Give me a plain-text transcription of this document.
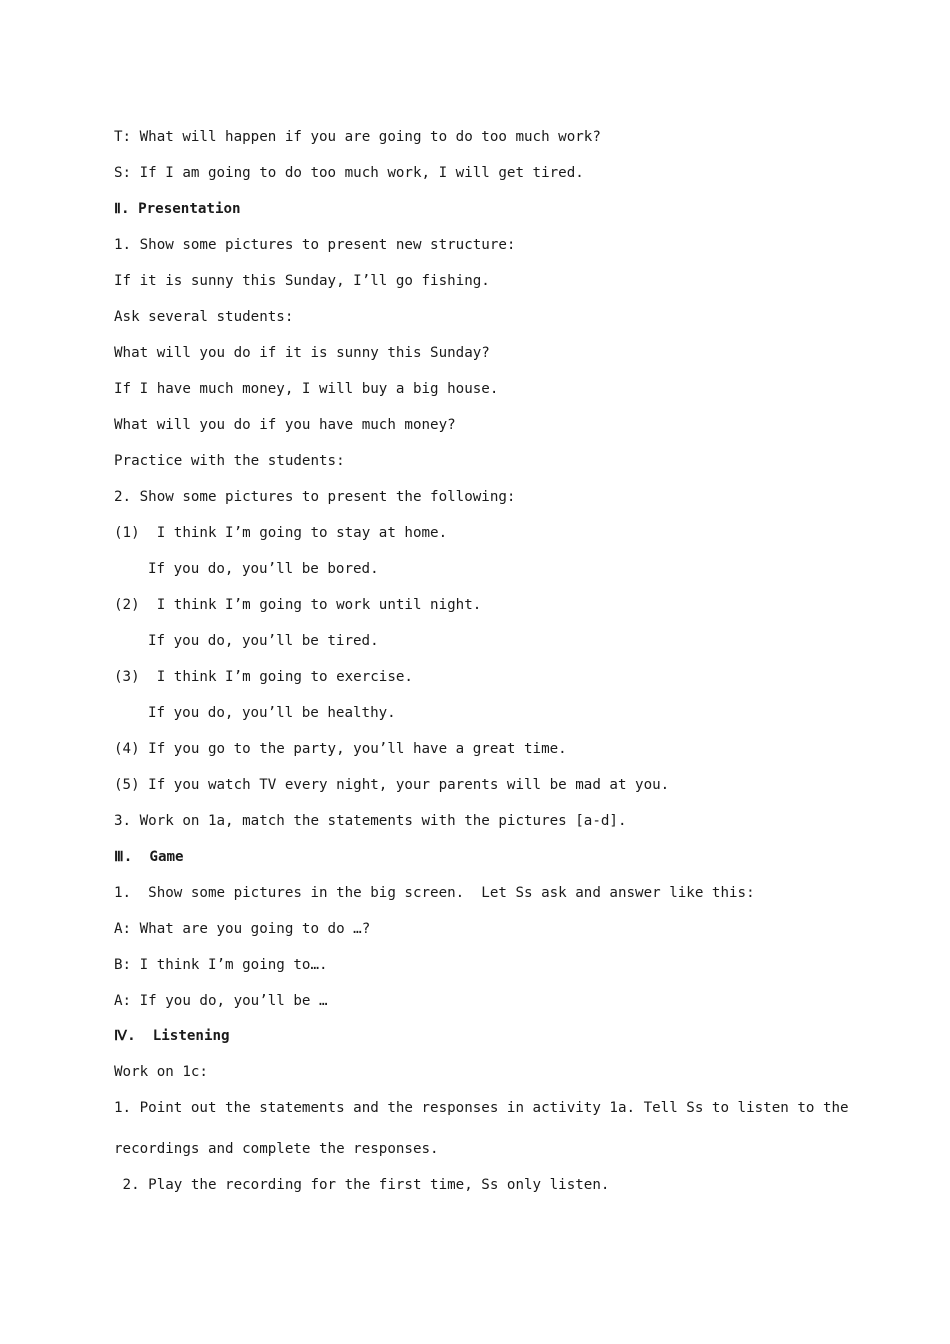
T: What will happen if you are going to do too much work?
S: If I am going to do too much work, I will get tired.
Ⅱ. Presentation
1. Show some pictures to present new structure:
If it is sunny this Sunday, I’ll go fishing.
Ask several students:
What will you do if it is sunny this Sunday?
If I have much money, I will buy a big house.
What will you do if you have much money?
Practice with the students:
2. Show some pictures to present the following:
(1)  I think I’m going to stay at home.
If you do, you’ll be bored.
(2)  I think I’m going to work until night.
If you do, you’ll be tired.
(3)  I think I’m going to exercise.
If you do, you’ll be healthy.
(4) If you go to the party, you’ll have a great time.
(5) If you watch TV every night, your parents will be mad at you.
3. Work on 1a, match the statements with the pictures [a-d].
Ⅲ.  Game
1.  Show some pictures in the big screen.  Let Ss ask and answer like this:
A: What are you going to do …?
B: I think I’m going to….
A: If you do, you’ll be …
Ⅳ.  Listening
Work on 1c:
1. Point out the statements and the responses in activity 1a. Tell Ss to listen to the
recordings and complete the responses.
2. Play the recording for the first time, Ss only listen.
